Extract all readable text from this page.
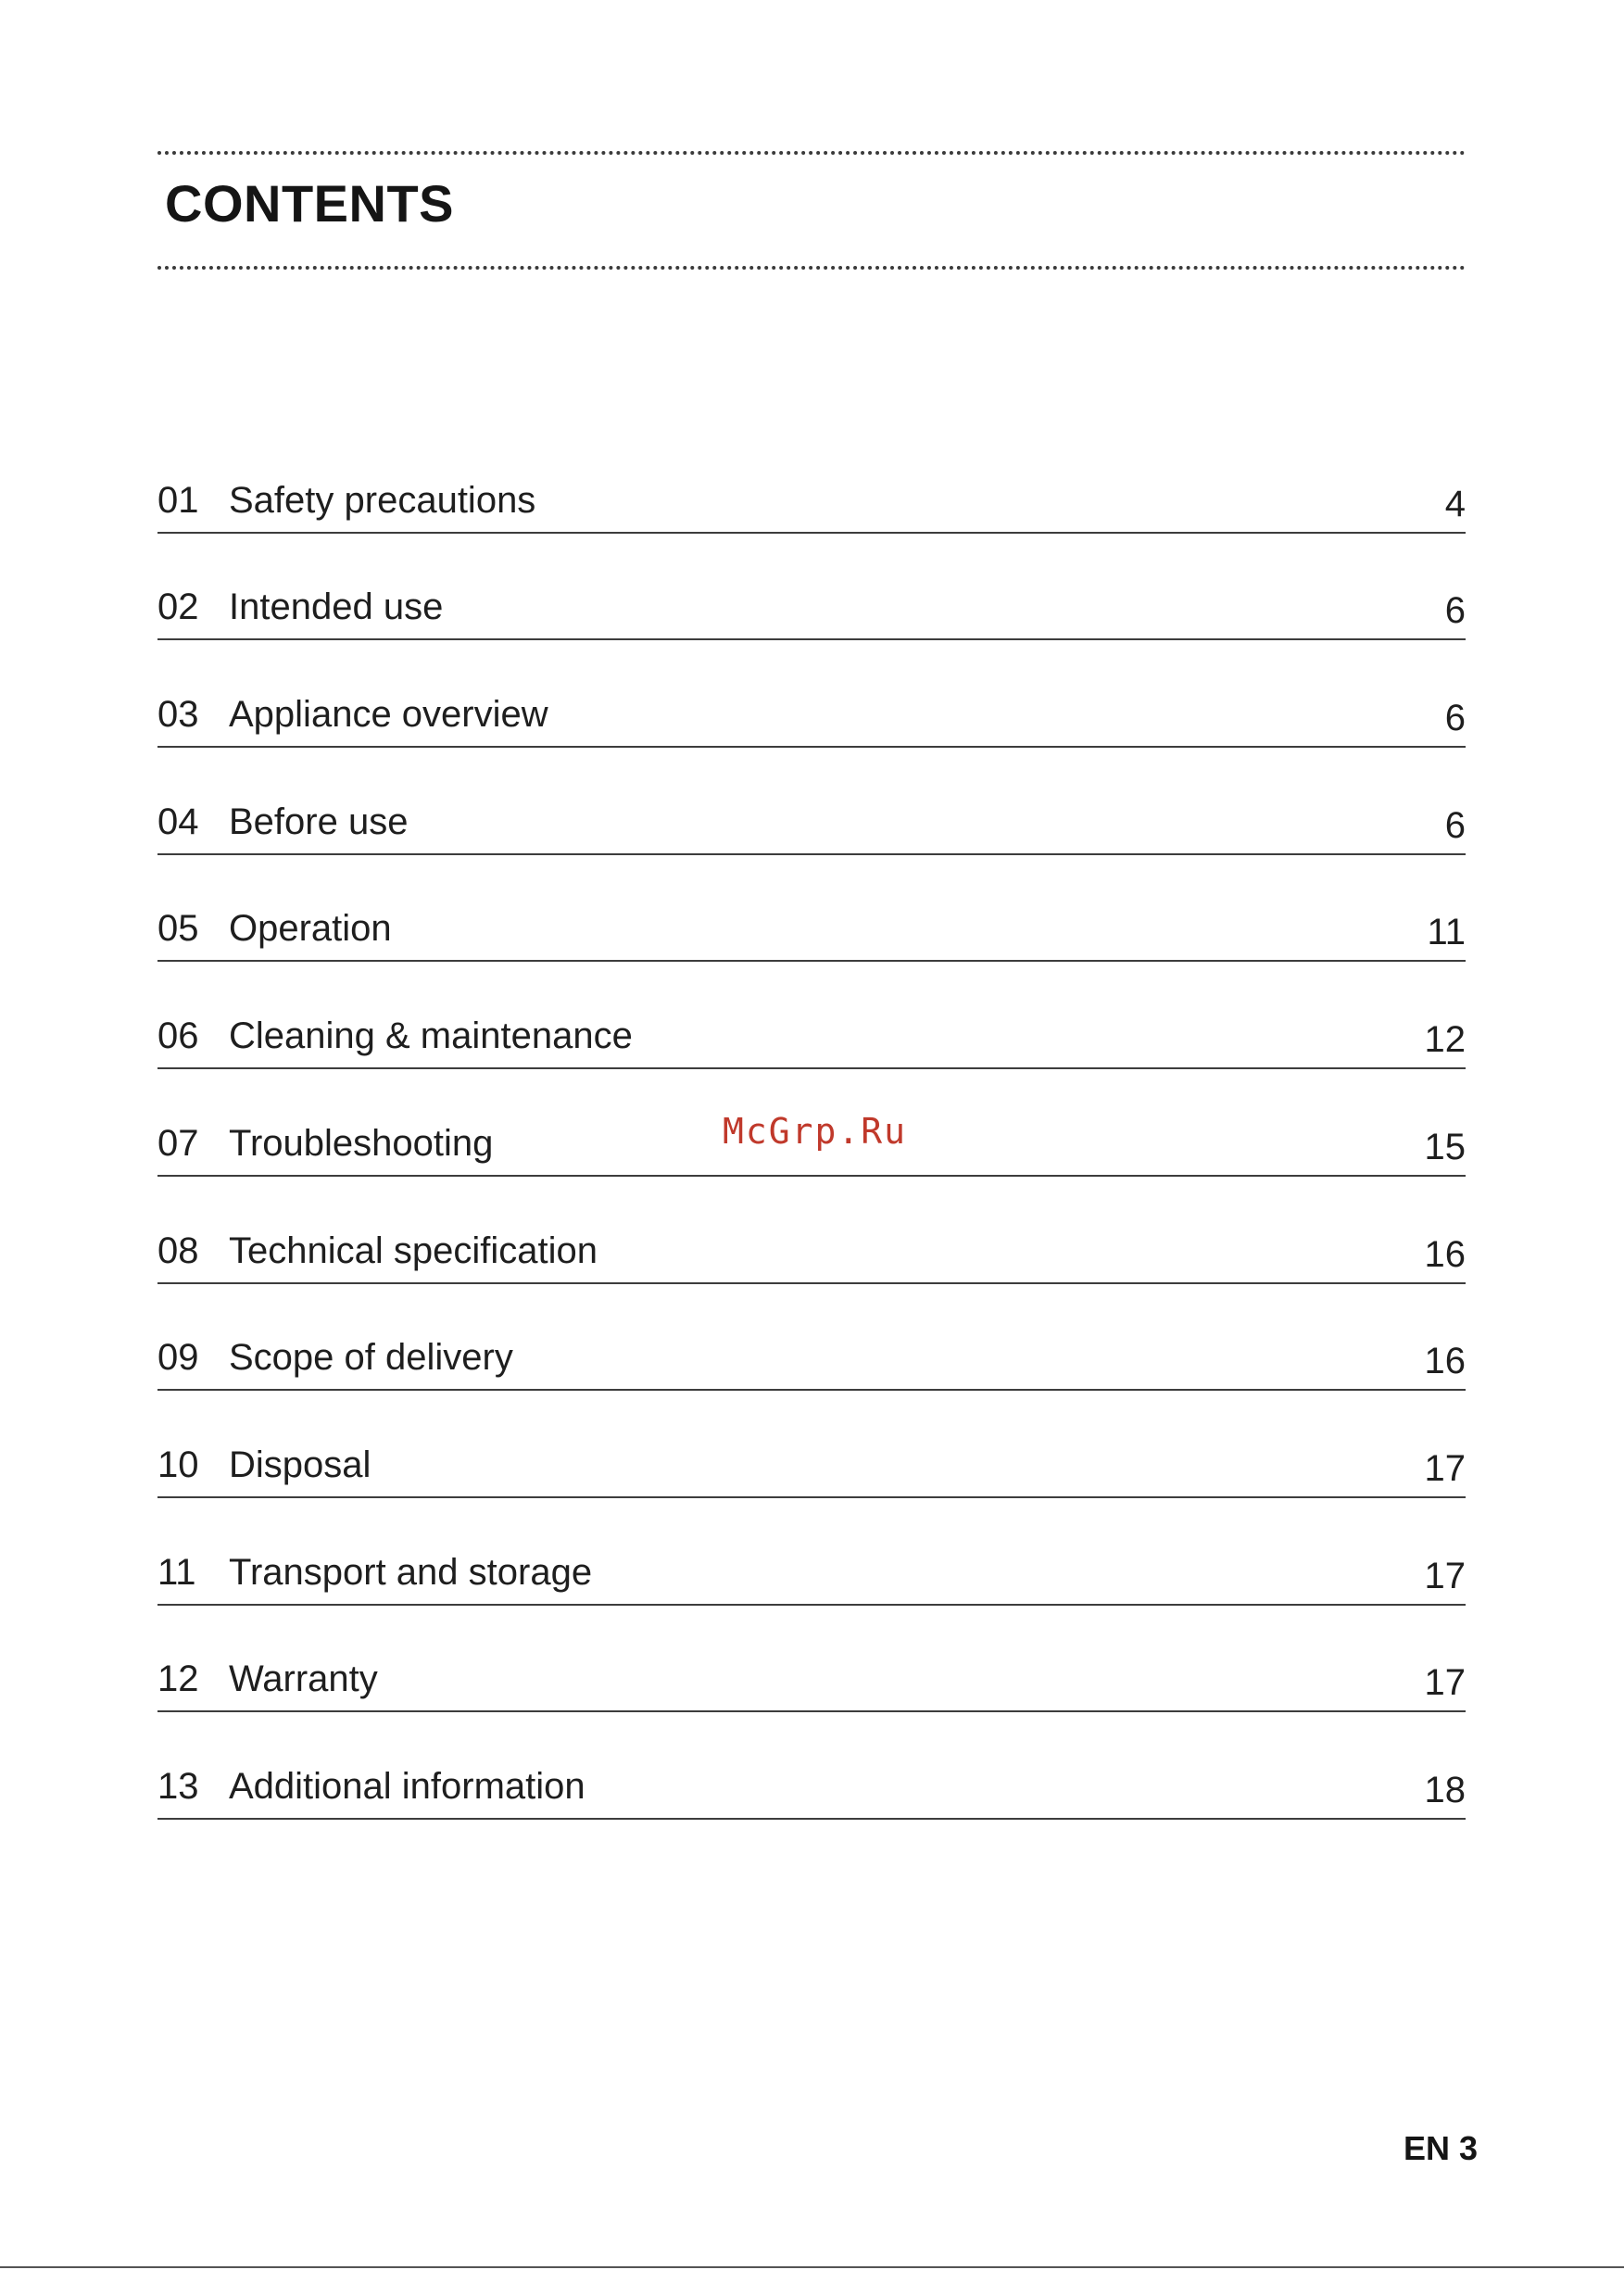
CONTENTS
01 Safety precautions	4
02 Intended use	6
03 Appliance overview	6
04 Before use	6
05 Operation	11
06 Cleaning & maintenance	12
07 Troubleshooting	15
08 Technical specification	16
09 Scope of delivery	16
10 Disposal	17
11 Transport and storage	17
12 Warranty	17
13 Additional information	18
McGrp.Ru
EN 3
